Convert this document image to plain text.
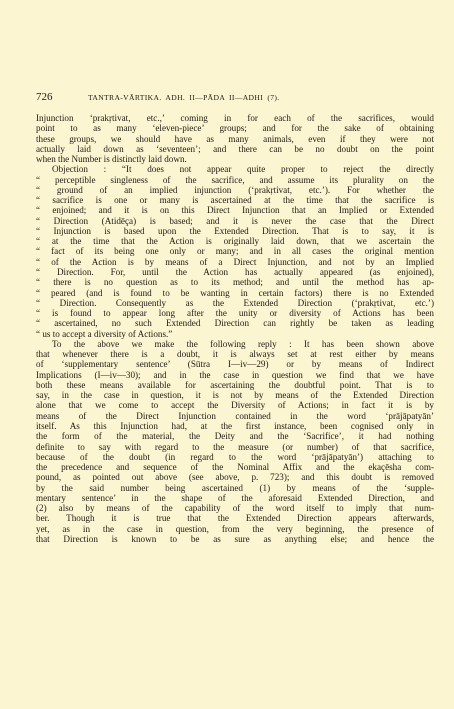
726	TANTRA-VĀRTIKA. ADH. II—PĀDA II—ADHI (7).
Injunction ‘prakṛtivat, etc.,’ coming in for each of the sacrifices, would
point to as many ‘eleven-piece’ groups; and for the sake of obtaining
these groups, we should have as many animals, even if they were not
actually laid down as ‘seventeen’; and there can be no doubt on the point
when the Number is distinctly laid down.
Objection : “It does not appear quite proper to reject the directly
“ perceptible singleness of the sacrifice, and assume its plurality on the
“ ground of an implied injunction (‘prakṛtivat, etc.’). For whether the
“ sacrifice is one or many is ascertained at the time that the sacrifice is
“ enjoined; and it is on this Direct Injunction that an Implied or Extended
“ Direction (Atidēça) is based; and it is never the case that the Direct
“ Injunction is based upon the Extended Direction. That is to say, it is
“ at the time that the Action is originally laid down, that we ascertain the
“ fact of its being one only or many; and in all cases the original mention
“ of the Action is by means of a Direct Injunction, and not by an Implied
“ Direction. For, until the Action has actually appeared (as enjoined),
“ there is no question as to its method; and until the method has ap-
“ peared (and is found to be wanting in certain factors) there is no Extended
“ Direction. Consequently as the Extended Direction (‘prakṛtivat, etc.’)
“ is found to appear long after the unity or diversity of Actions has been
“ ascertained, no such Extended Direction can rightly be taken as leading
“ us to accept a diversity of Actions.”
To the above we make the following reply : It has been shown above
that whenever there is a doubt, it is always set at rest either by means
of ‘supplementary sentence’ (Sūtra I—iv—29) or by means of Indirect
Implications (I—iv—30); and in the case in question we find that we have
both these means available for ascertaining the doubtful point. That is to
say, in the case in question, it is not by means of the Extended Direction
alone that we come to accept the Diversity of Actions; in fact it is by
means of the Direct Injunction contained in the word ‘prājāpatyān’
itself. As this Injunction had, at the first instance, been cognised only in
the form of the material, the Deity and the ‘Sacrifice’, it had nothing
definite to say with regard to the measure (or number) of that sacrifice,
because of the doubt (in regard to the word ‘prājāpatyān’) attaching to
the precedence and sequence of the Nominal Affix and the ekaçēsha com-
pound, as pointed out above (see above, p. 723); and this doubt is removed
by the said number being ascertained (1) by means of the ‘supple-
mentary sentence’ in the shape of the aforesaid Extended Direction, and
(2) also by means of the capability of the word itself to imply that num-
ber. Though it is true that the Extended Direction appears afterwards,
yet, as in the case in question, from the very beginning, the presence of
that Direction is known to be as sure as anything else; and hence the
